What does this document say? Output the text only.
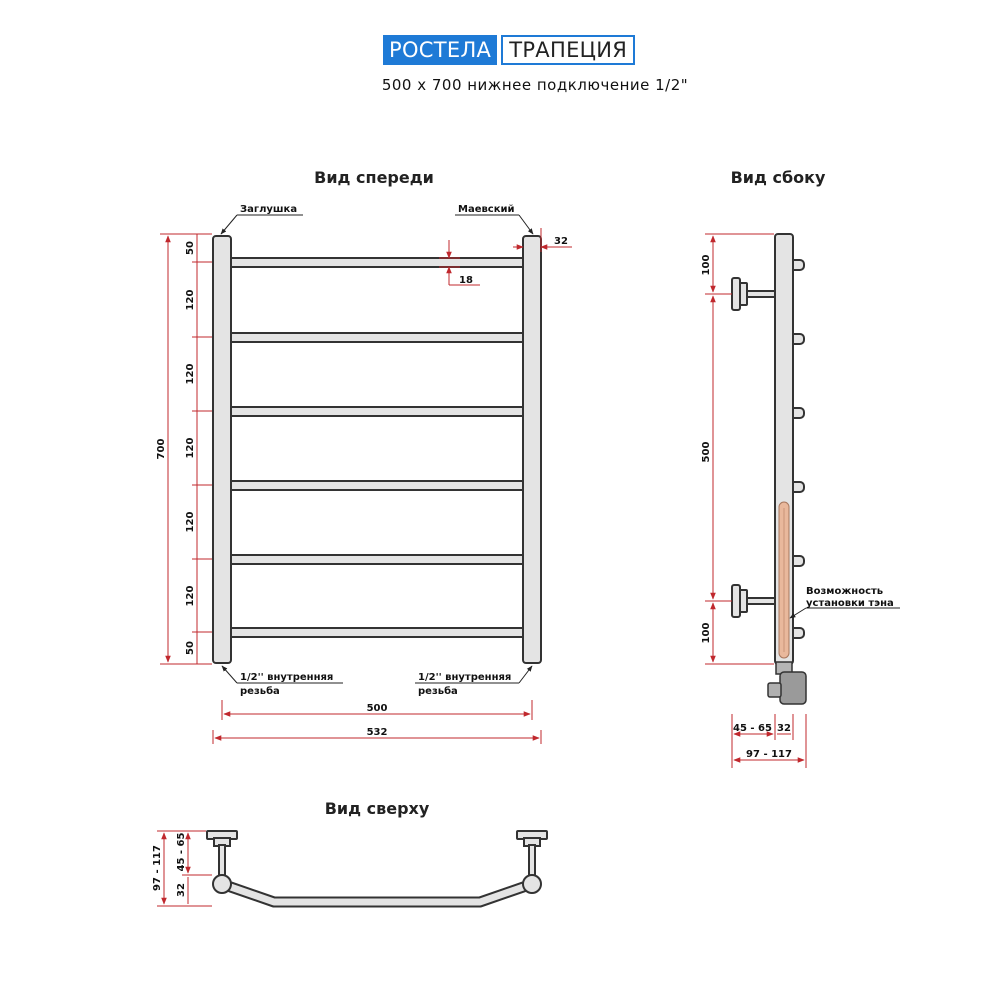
РОСТЕЛА ТРАПЕЦИЯ
500 х 700 нижнее подключение 1/2"
Вид спереди
Заглушка	Маевский
32
18
700
50
120
120
120
120
120
50
1/2'' внутренняя
резьба
1/2'' внутренняя
резьба
500
532
Вид сбоку
Возможность
установки тэна
100
500
100
45 - 65 32
97 - 117
Вид сверху
97 - 117 45 - 65
32
